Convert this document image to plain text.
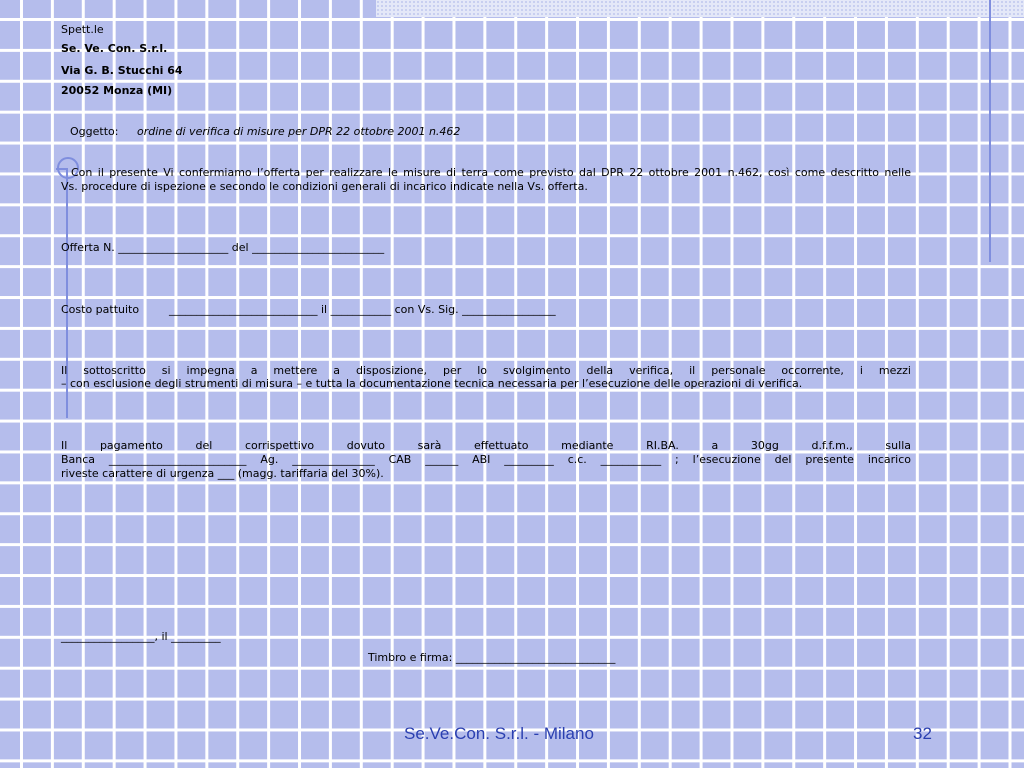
Spett.le
Se. Ve. Con. S.r.l.
Via G. B. Stucchi 64
20052 Monza (MI)
Oggetto: ordine di verifica di misure per DPR 22 ottobre 2001 n.462
Con il presente Vi confermiamo l’offerta per realizzare le misure di terra come previsto dal DPR 22 ottobre 2001 n.462, così come descritto nelle
Vs. procedure di ispezione e secondo le condizioni generali di incarico indicate nella Vs. offerta.
Offerta N. ____________________ del ________________________
Costo pattuito	___________________________ il ___________ con Vs. Sig. _________________
Il sottoscritto si impegna a mettere a disposizione, per lo svolgimento della verifica, il personale occorrente, i mezzi
– con esclusione degli strumenti di misura – e tutta la documentazione tecnica necessaria per l’esecuzione delle operazioni di verifica.
Il pagamento del corrispettivo dovuto sarà effettuato mediante RI.BA. a 30gg d.f.f.m., sulla
Banca _________________________ Ag. _______________ CAB ______ ABI _________ c.c. ___________ ; l’esecuzione del presente incarico
riveste carattere di urgenza ___ (magg. tariffaria del 30%).
_________________, il _________
Timbro e firma: _____________________________
Se.Ve.Con. S.r.l. - Milano	32
